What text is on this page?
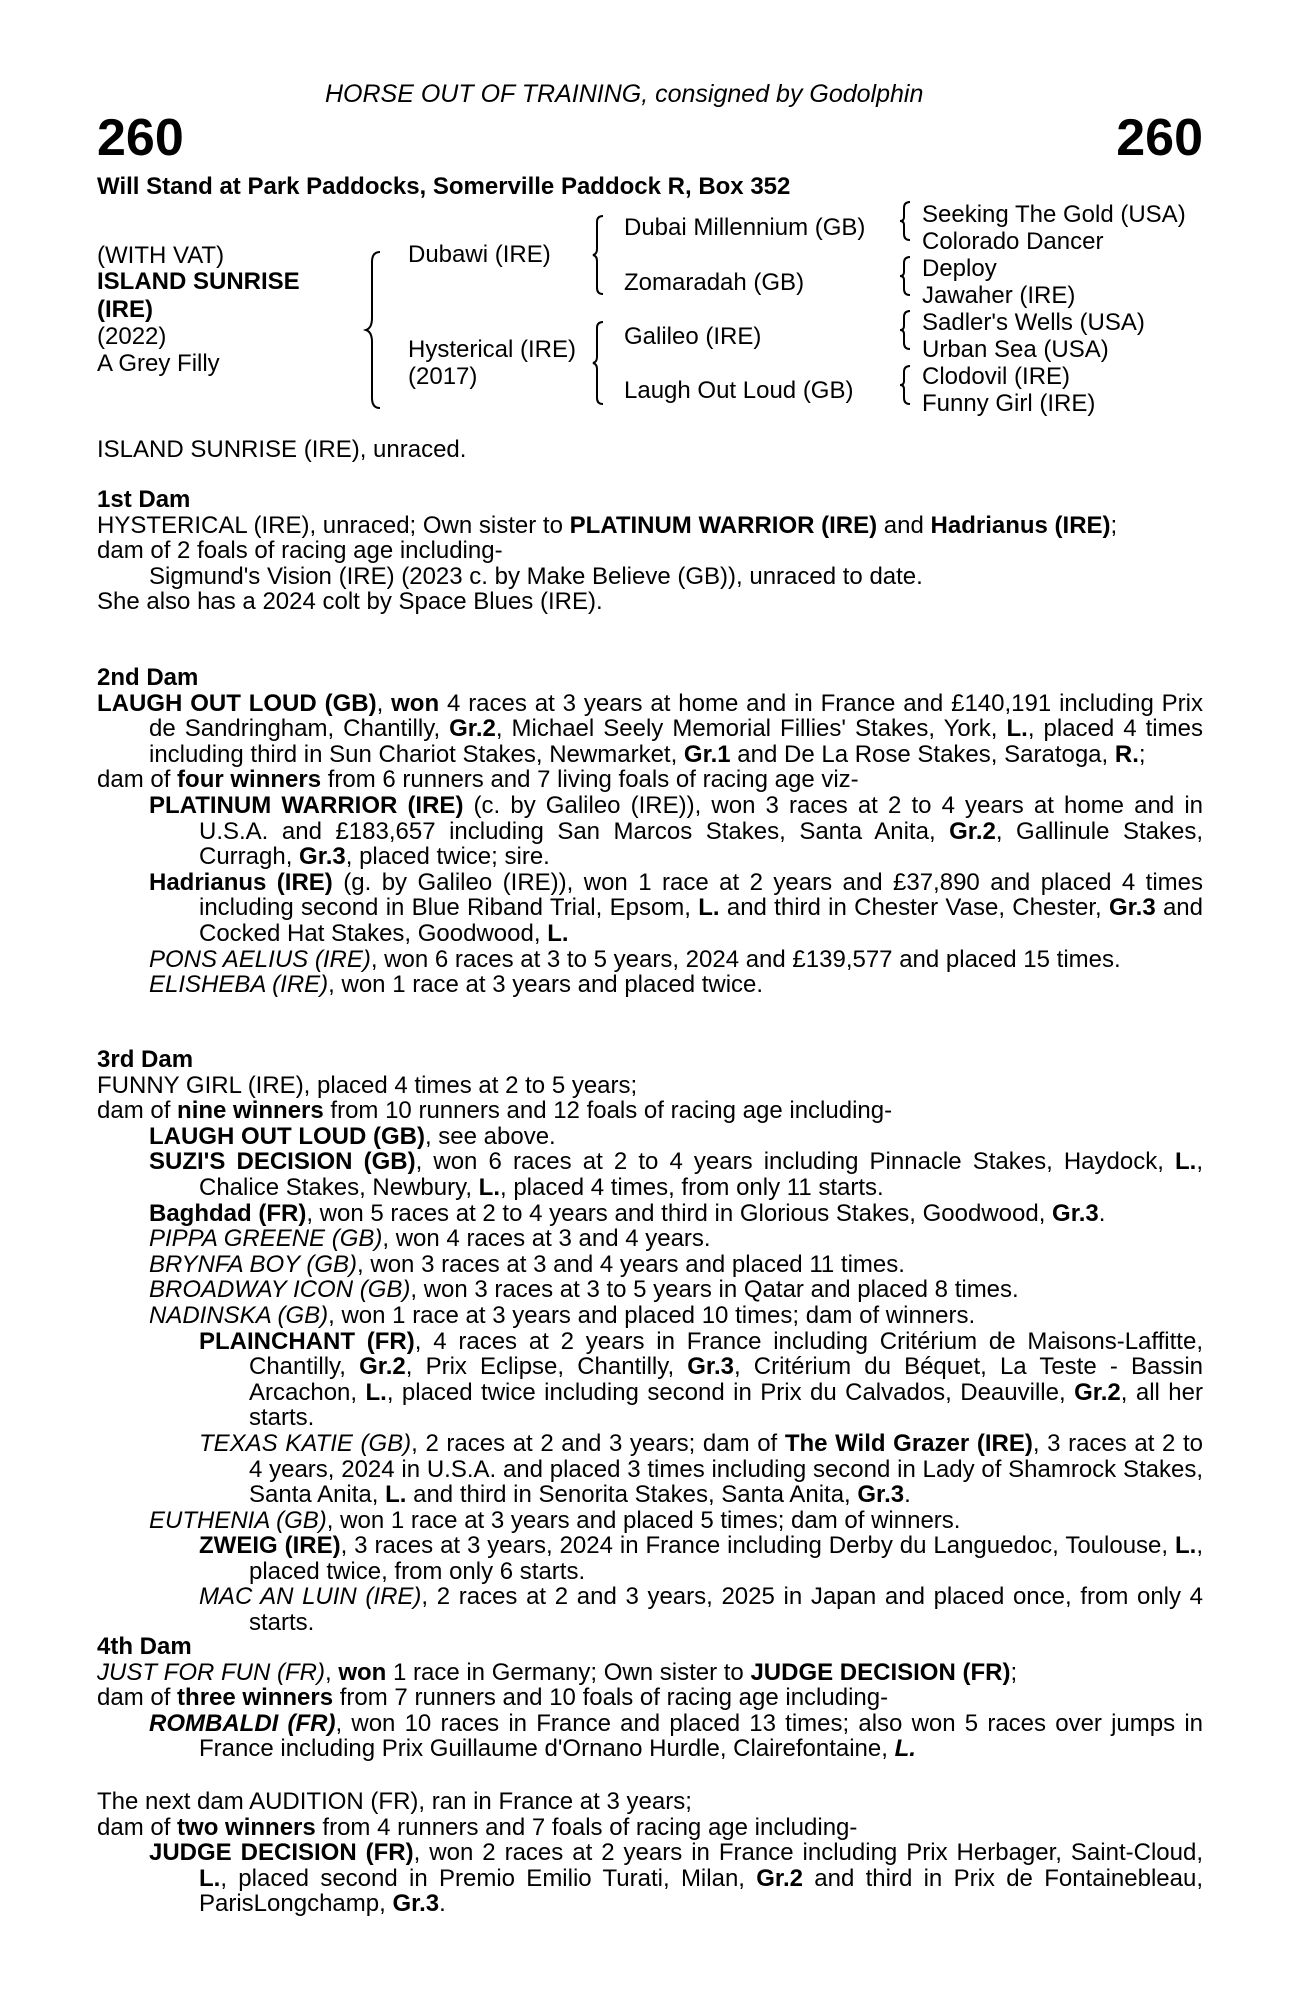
HORSE OUT OF TRAINING, consigned by Godolphin
260	260
Will Stand at Park Paddocks, Somerville Paddock R, Box 352
(WITH VAT)
ISLAND SUNRISE
(IRE)
(2022)
A Grey Filly
Dubawi (IRE)
Hysterical (IRE)
(2017)
Dubai Millennium (GB)
Zomaradah (GB)
Galileo (IRE)
Laugh Out Loud (GB)
Seeking The Gold (USA)
Colorado Dancer
Deploy
Jawaher (IRE)
Sadler's Wells (USA)
Urban Sea (USA)
Clodovil (IRE)
Funny Girl (IRE)
ISLAND SUNRISE (IRE), unraced.
1st Dam

HYSTERICAL (IRE), unraced; Own sister to PLATINUM WARRIOR (IRE) and Hadrianus (IRE);

dam of 2 foals of racing age including-

Sigmund's Vision (IRE) (2023 c. by Make Believe (GB)), unraced to date.

She also has a 2024 colt by Space Blues (IRE).

2nd Dam

LAUGH OUT LOUD (GB), won 4 races at 3 years at home and in France and £140,191 including Prix de Sandringham, Chantilly, Gr.2, Michael Seely Memorial Fillies' Stakes, York, L., placed 4 times including third in Sun Chariot Stakes, Newmarket, Gr.1 and De La Rose Stakes, Saratoga, R.;

dam of four winners from 6 runners and 7 living foals of racing age viz-

PLATINUM WARRIOR (IRE) (c. by Galileo (IRE)), won 3 races at 2 to 4 years at home and in U.S.A. and £183,657 including San Marcos Stakes, Santa Anita, Gr.2, Gallinule Stakes, Curragh, Gr.3, placed twice; sire.

Hadrianus (IRE) (g. by Galileo (IRE)), won 1 race at 2 years and £37,890 and placed 4 times including second in Blue Riband Trial, Epsom, L. and third in Chester Vase, Chester, Gr.3 and Cocked Hat Stakes, Goodwood, L.

PONS AELIUS (IRE), won 6 races at 3 to 5 years, 2024 and £139,577 and placed 15 times.

ELISHEBA (IRE), won 1 race at 3 years and placed twice.

3rd Dam

FUNNY GIRL (IRE), placed 4 times at 2 to 5 years;

dam of nine winners from 10 runners and 12 foals of racing age including-

LAUGH OUT LOUD (GB), see above.

SUZI'S DECISION (GB), won 6 races at 2 to 4 years including Pinnacle Stakes, Haydock, L., Chalice Stakes, Newbury, L., placed 4 times, from only 11 starts.

Baghdad (FR), won 5 races at 2 to 4 years and third in Glorious Stakes, Goodwood, Gr.3.

PIPPA GREENE (GB), won 4 races at 3 and 4 years.

BRYNFA BOY (GB), won 3 races at 3 and 4 years and placed 11 times.

BROADWAY ICON (GB), won 3 races at 3 to 5 years in Qatar and placed 8 times.

NADINSKA (GB), won 1 race at 3 years and placed 10 times; dam of winners.

PLAINCHANT (FR), 4 races at 2 years in France including Critérium de Maisons-Laffitte, Chantilly, Gr.2, Prix Eclipse, Chantilly, Gr.3, Critérium du Béquet, La Teste - Bassin Arcachon, L., placed twice including second in Prix du Calvados, Deauville, Gr.2, all her starts.

TEXAS KATIE (GB), 2 races at 2 and 3 years; dam of The Wild Grazer (IRE), 3 races at 2 to 4 years, 2024 in U.S.A. and placed 3 times including second in Lady of Shamrock Stakes, Santa Anita, L. and third in Senorita Stakes, Santa Anita, Gr.3.

EUTHENIA (GB), won 1 race at 3 years and placed 5 times; dam of winners.

ZWEIG (IRE), 3 races at 3 years, 2024 in France including Derby du Languedoc, Toulouse, L., placed twice, from only 6 starts.

MAC AN LUIN (IRE), 2 races at 2 and 3 years, 2025 in Japan and placed once, from only 4 starts.

4th Dam

JUST FOR FUN (FR), won 1 race in Germany; Own sister to JUDGE DECISION (FR);

dam of three winners from 7 runners and 10 foals of racing age including-

ROMBALDI (FR), won 10 races in France and placed 13 times; also won 5 races over jumps in France including Prix Guillaume d'Ornano Hurdle, Clairefontaine, L.

The next dam AUDITION (FR), ran in France at 3 years;

dam of two winners from 4 runners and 7 foals of racing age including-

JUDGE DECISION (FR), won 2 races at 2 years in France including Prix Herbager, Saint-Cloud, L., placed second in Premio Emilio Turati, Milan, Gr.2 and third in Prix de Fontainebleau, ParisLongchamp, Gr.3.
